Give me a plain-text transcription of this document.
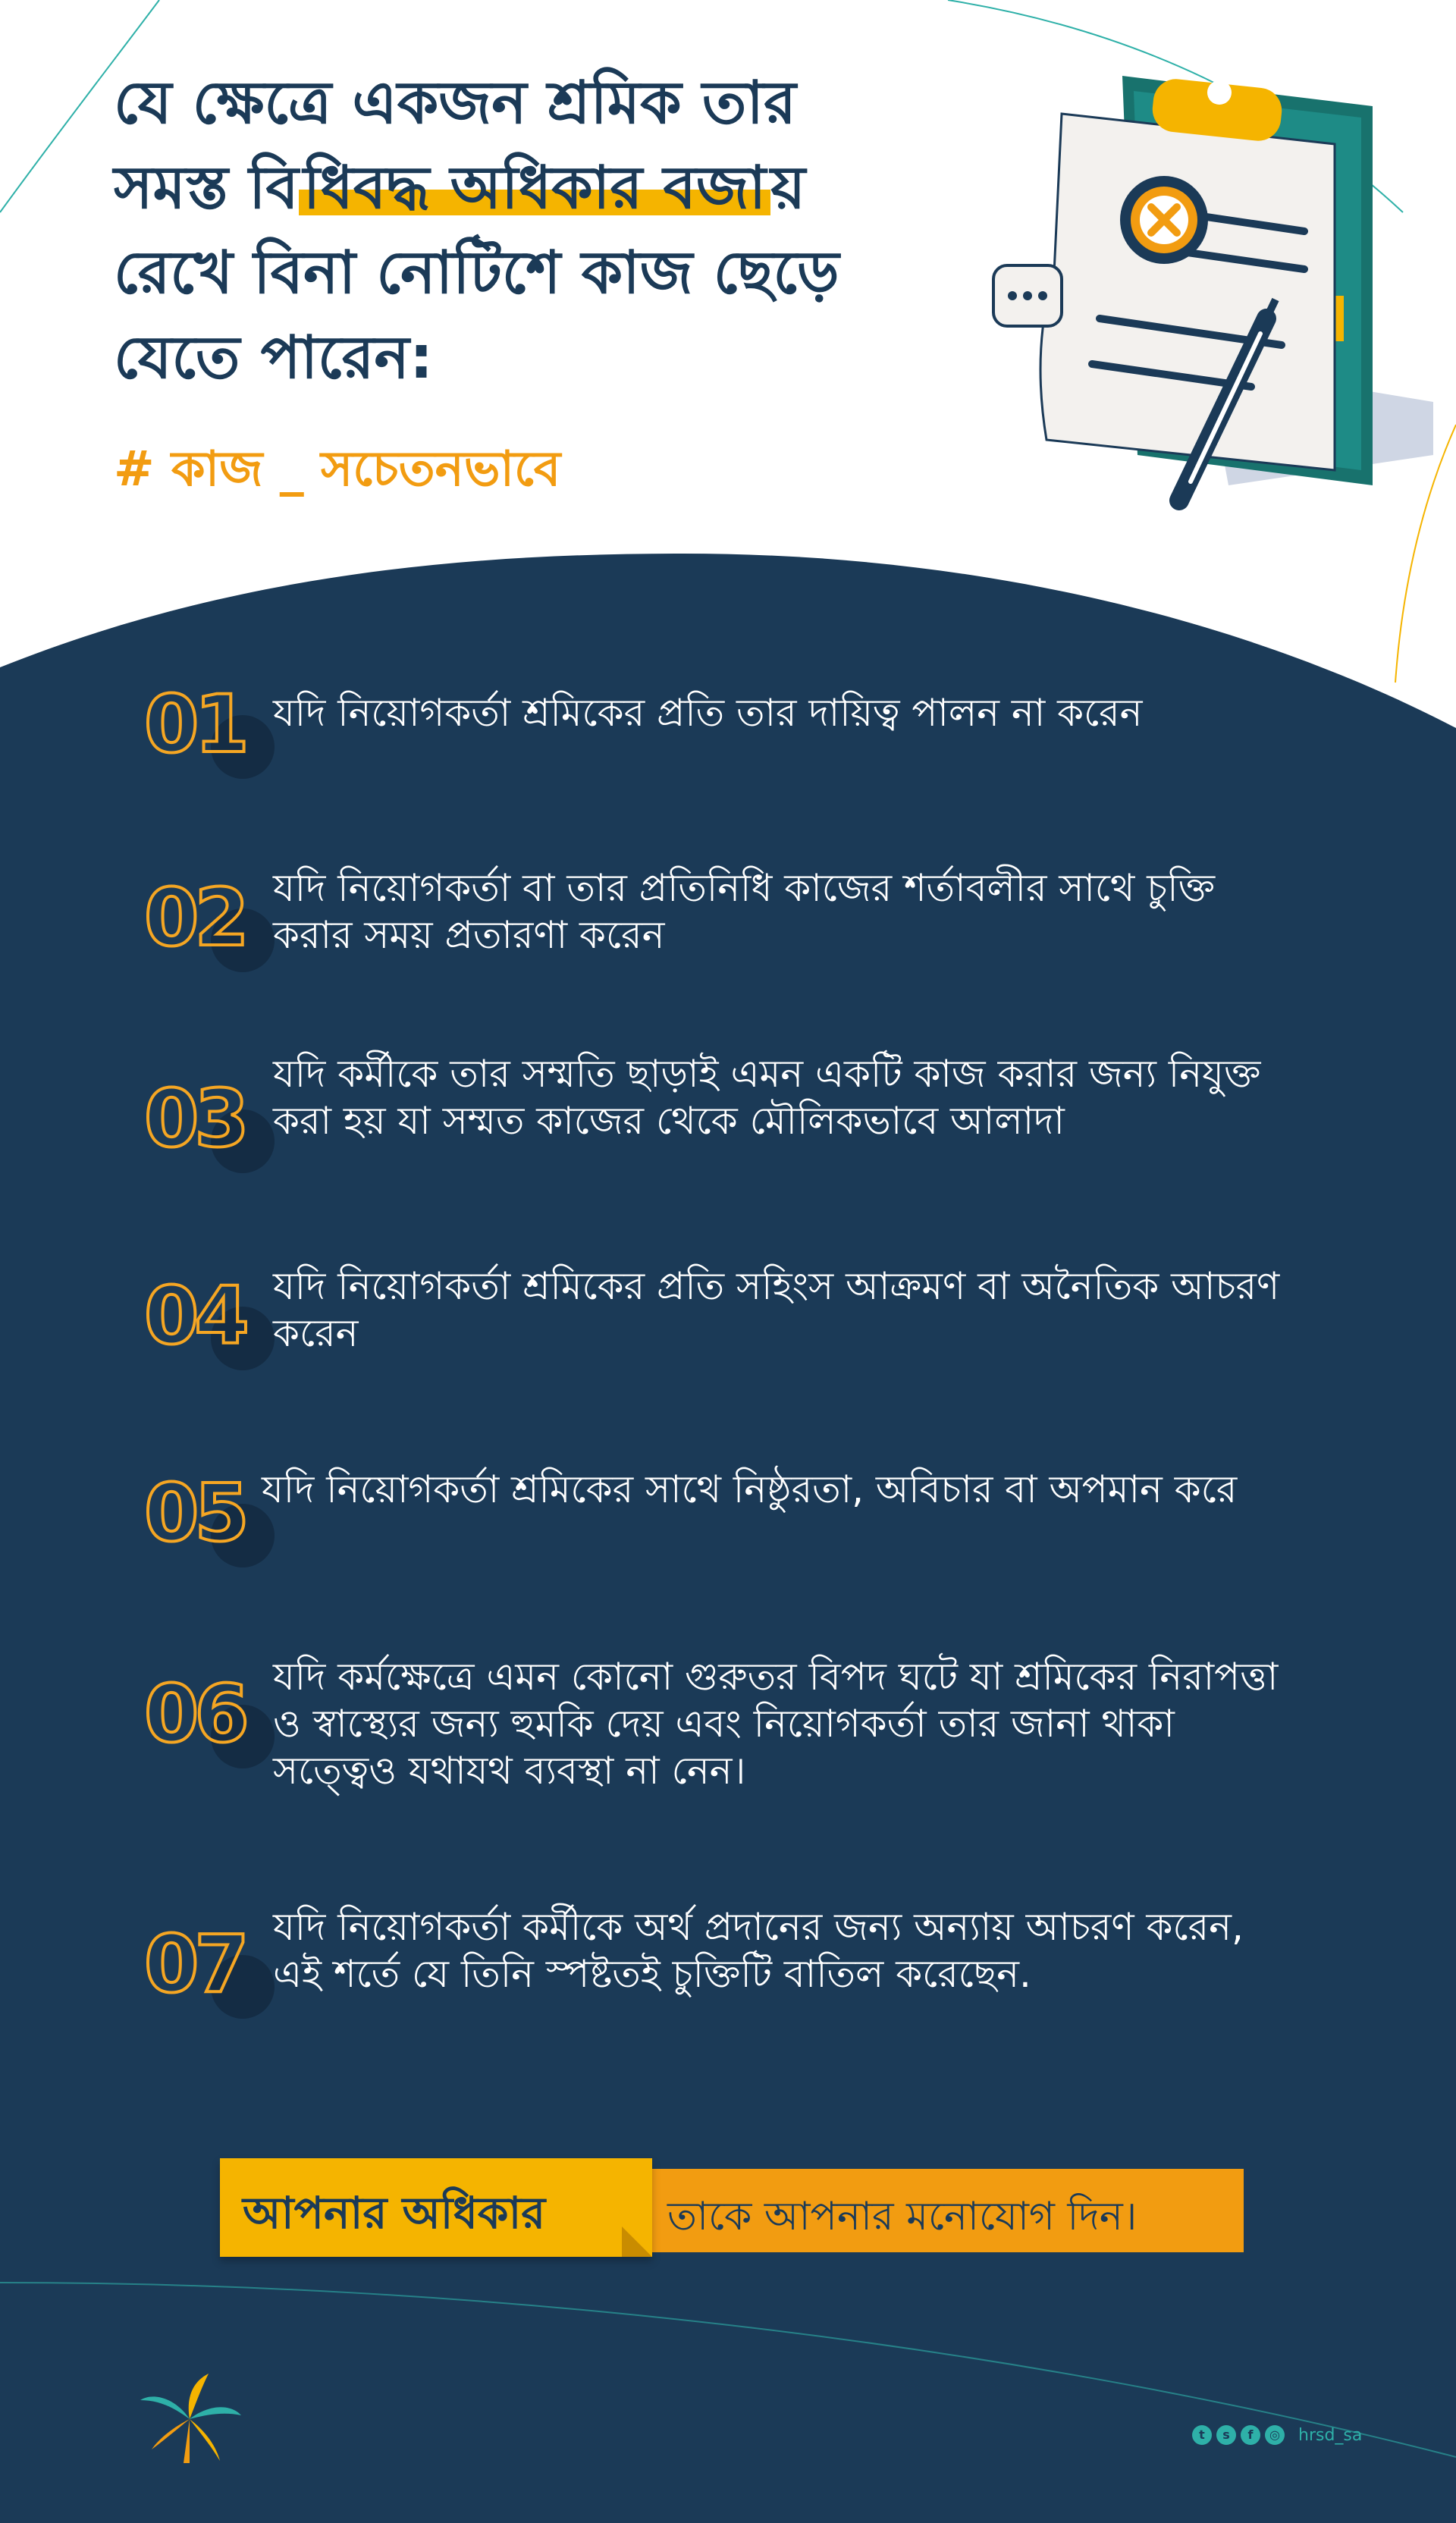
যে ক্ষেত্রে একজন শ্রমিক তার
সমস্ত বিধিবদ্ধ অধিকার বজায়
রেখে বিনা নোটিশে কাজ ছেড়ে
যেতে পারেন:
# কাজ _ সচেতনভাবে
01 যদি নিয়োগকর্তা শ্রমিকের প্রতি তার দায়িত্ব পালন না করেন
02 যদি নিয়োগকর্তা বা তার প্রতিনিধি কাজের শর্তাবলীর সাথে চুক্তি করার সময় প্রতারণা করেন
03 যদি কর্মীকে তার সম্মতি ছাড়াই এমন একটি কাজ করার জন্য নিযুক্ত করা হয় যা সম্মত কাজের থেকে মৌলিকভাবে আলাদা
04 যদি নিয়োগকর্তা শ্রমিকের প্রতি সহিংস আক্রমণ বা অনৈতিক আচরণ করেন
05 যদি নিয়োগকর্তা শ্রমিকের সাথে নিষ্ঠুরতা, অবিচার বা অপমান করে
06 যদি কর্মক্ষেত্রে এমন কোনো গুরুতর বিপদ ঘটে যা শ্রমিকের নিরাপত্তা ও স্বাস্থ্যের জন্য হুমকি দেয় এবং নিয়োগকর্তা তার জানা থাকা সত্ত্বেও যথাযথ ব্যবস্থা না নেন।
07 যদি নিয়োগকর্তা কর্মীকে অর্থ প্রদানের জন্য অন্যায় আচরণ করেন, এই শর্তে যে তিনি স্পষ্টতই চুক্তিটি বাতিল করেছেন.
তাকে আপনার মনোযোগ দিন।
আপনার অধিকার
t	s	f	◎ hrsd_sa
